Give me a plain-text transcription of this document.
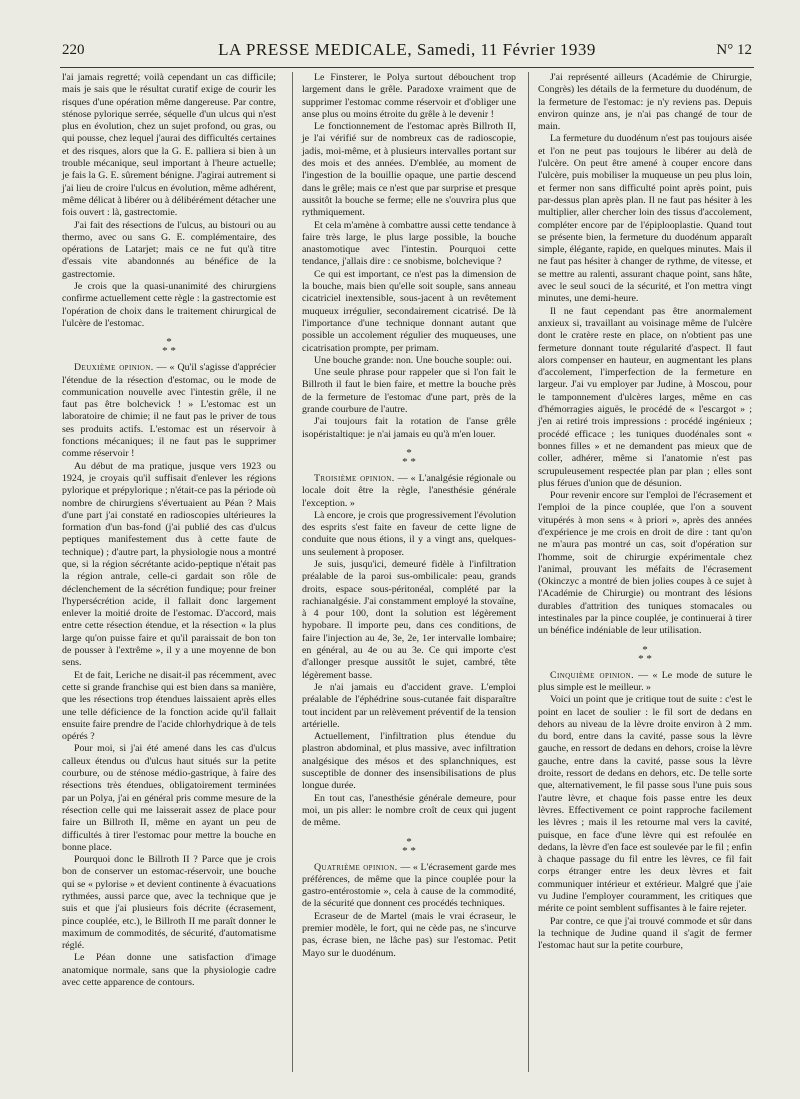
220	LA PRESSE MEDICALE, Samedi, 11 Février 1939	N° 12

l'ai jamais regretté; voilà cependant un cas difficile; mais je sais que le résultat curatif exige de courir les risques d'une opération même dangereuse. Par contre, sténose pylorique serrée, séquelle d'un ulcus qui n'est plus en évolution, chez un sujet profond, ou gras, ou qui pousse, chez lequel j'aurai des difficultés certaines et des risques, alors que la G. E. palliera si bien à un trouble mécanique, seul important à l'heure actuelle; je fais la G. E. sûrement bénigne. J'agirai autrement si j'ai lieu de croire l'ulcus en évolution, même adhérent, même délicat à libérer ou à délibérément détacher une fois ouvert : là, gastrectomie.

J'ai fait des résections de l'ulcus, au bistouri ou au thermo, avec ou sans G. E. complémentaire, des opérations de Latarjet; mais ce ne fut qu'à titre d'essais vite abandonnés au bénéfice de la gastrectomie.

Je crois que la quasi-unanimité des chirurgiens confirme actuellement cette règle : la gastrectomie est l'opération de choix dans le traitement chirurgical de l'ulcère de l'estomac.

*
* *

Deuxième opinion. — « Qu'il s'agisse d'apprécier l'étendue de la résection d'estomac, ou le mode de communication nouvelle avec l'intestin grêle, il ne faut pas être bolchevick ! » L'estomac est un laboratoire de chimie; il ne faut pas le priver de tous ses produits actifs. L'estomac est un réservoir à fonctions mécaniques; il ne faut pas le supprimer comme réservoir !

Au début de ma pratique, jusque vers 1923 ou 1924, je croyais qu'il suffisait d'enlever les régions pylorique et prépylorique ; n'était-ce pas la période où nombre de chirurgiens s'évertuaient au Péan ? Mais d'une part j'ai constaté en radioscopies ultérieures la formation d'un bas-fond (j'ai publié des cas d'ulcus peptiques manifestement dus à cette faute de technique) ; d'autre part, la physiologie nous a montré que, si la région sécrétante acido-peptique n'était pas la région antrale, celle-ci gardait son rôle de déclenchement de la sécrétion fundique; pour freiner l'hypersécrétion acide, il fallait donc largement enlever la moitié droite de l'estomac. D'accord, mais entre cette résection étendue, et la résection « la plus large qu'on puisse faire et qu'il paraissait de bon ton de pousser à l'extrême », il y a une moyenne de bon sens.

Et de fait, Leriche ne disait-il pas récemment, avec cette si grande franchise qui est bien dans sa manière, que les résections trop étendues laissaient après elles une telle déficience de la fonction acide qu'il fallait ensuite faire prendre de l'acide chlorhydrique à de tels opérés ?

Pour moi, si j'ai été amené dans les cas d'ulcus calleux étendus ou d'ulcus haut situés sur la petite courbure, ou de sténose médio-gastrique, à faire des résections très étendues, obligatoirement terminées par un Polya, j'ai en général pris comme mesure de la résection celle qui me laisserait assez de place pour faire un Billroth II, même en ayant un peu de difficultés à tirer l'estomac pour mettre la bouche en bonne place.

Pourquoi donc le Billroth II ? Parce que je crois bon de conserver un estomac-réservoir, une bouche qui se « pylorise » et devient continente à évacuations rythmées, aussi parce que, avec la technique que je suis et que j'ai plusieurs fois décrite (écrasement, pince couplée, etc.), le Billroth II me paraît donner le maximum de commodités, de sécurité, d'automatisme réglé.

Le Péan donne une satisfaction d'image anatomique normale, sans que la physiologie cadre avec cette apparence de contours.

Le Finsterer, le Polya surtout débouchent trop largement dans le grêle. Paradoxe vraiment que de supprimer l'estomac comme réservoir et d'obliger une anse plus ou moins étroite du grêle à le devenir !

Le fonctionnement de l'estomac après Billroth II, je l'ai vérifié sur de nombreux cas de radioscopie, jadis, moi-même, et à plusieurs intervalles portant sur des mois et des années. D'emblée, au moment de l'ingestion de la bouillie opaque, une partie descend dans le grêle; mais ce n'est que par surprise et presque aussitôt la bouche se ferme; elle ne s'ouvrira plus que rythmiquement.

Et cela m'amène à combattre aussi cette tendance à faire très large, le plus large possible, la bouche anastomotique avec l'intestin. Pourquoi cette tendance, j'allais dire : ce snobisme, bolchevique ?

Ce qui est important, ce n'est pas la dimension de la bouche, mais bien qu'elle soit souple, sans anneau cicatriciel inextensible, sous-jacent à un revêtement muqueux irrégulier, secondairement cicatrisé. De là l'importance d'une technique donnant autant que possible un accolement régulier des muqueuses, une cicatrisation prompte, per primam.

Une bouche grande: non. Une bouche souple: oui.

Une seule phrase pour rappeler que si l'on fait le Billroth il faut le bien faire, et mettre la bouche près de la fermeture de l'estomac d'une part, près de la grande courbure de l'autre.

J'ai toujours fait la rotation de l'anse grêle isopéristaltique: je n'ai jamais eu qu'à m'en louer.

*
* *

Troisième opinion. — « L'analgésie régionale ou locale doit être la règle, l'anesthésie générale l'exception. »

Là encore, je crois que progressivement l'évolution des esprits s'est faite en faveur de cette ligne de conduite que nous étions, il y a vingt ans, quelques-uns seulement à proposer.

Je suis, jusqu'ici, demeuré fidèle à l'infiltration préalable de la paroi sus-ombilicale: peau, grands droits, espace sous-péritonéal, complété par la rachianalgésie. J'ai constamment employé la stovaïne, à 4 pour 100, dont la solution est légèrement hypobare. Il importe peu, dans ces conditions, de faire l'injection au 4e, 3e, 2e, 1er intervalle lombaire; en général, au 4e ou au 3e. Ce qui importe c'est d'allonger presque aussitôt le sujet, cambré, tête légèrement basse.

Je n'ai jamais eu d'accident grave. L'emploi préalable de l'éphédrine sous-cutanée fait disparaître tout incident par un relèvement préventif de la tension artérielle.

Actuellement, l'infiltration plus étendue du plastron abdominal, et plus massive, avec infiltration analgésique des mésos et des splanchniques, est susceptible de donner des insensibilisations de plus longue durée.

En tout cas, l'anesthésie générale demeure, pour moi, un pis aller: le nombre croît de ceux qui jugent de même.

*
* *

Quatrième opinion. — « L'écrasement garde mes préférences, de même que la pince couplée pour la gastro-entérostomie », cela à cause de la commodité, de la sécurité que donnent ces procédés techniques.

Ecraseur de de Martel (mais le vrai écraseur, le premier modèle, le fort, qui ne cède pas, ne s'incurve pas, écrase bien, ne lâche pas) sur l'estomac. Petit Mayo sur le duodénum.

J'ai représenté ailleurs (Académie de Chirurgie, Congrès) les détails de la fermeture du duodénum, de la fermeture de l'estomac: je n'y reviens pas. Depuis environ quinze ans, je n'ai pas changé de tour de main.

La fermeture du duodénum n'est pas toujours aisée et l'on ne peut pas toujours le libérer au delà de l'ulcère. On peut être amené à couper encore dans l'ulcère, puis mobiliser la muqueuse un peu plus loin, et fermer non sans difficulté point après point, puis par-dessus plan après plan. Il ne faut pas hésiter à les multiplier, aller chercher loin des tissus d'accolement, compléter encore par de l'épiplooplastie. Quand tout se présente bien, la fermeture du duodénum apparaît simple, élégante, rapide, en quelques minutes. Mais il ne faut pas hésiter à changer de rythme, de vitesse, et se mettre au ralenti, assurant chaque point, sans hâte, avec le seul souci de la sécurité, et l'on mettra vingt minutes, une demi-heure.

Il ne faut cependant pas être anormalement anxieux si, travaillant au voisinage même de l'ulcère dont le cratère reste en place, on n'obtient pas une fermeture donnant toute régularité d'aspect. Il faut alors compenser en hauteur, en augmentant les plans d'accolement, l'imperfection de la fermeture en largeur. J'ai vu employer par Judine, à Moscou, pour le tamponnement d'ulcères larges, même en cas d'hémorragies aiguës, le procédé de « l'escargot » ; j'en ai retiré trois impressions : procédé ingénieux ; procédé efficace ; les tuniques duodénales sont « bonnes filles » et ne demandent pas mieux que de coller, adhérer, même si l'anatomie n'est pas scrupuleusement respectée plan par plan ; elles sont plus férues d'union que de désunion.

Pour revenir encore sur l'emploi de l'écrasement et l'emploi de la pince couplée, que l'on a souvent vitupérés à mon sens « à priori », après des années d'expérience je me crois en droit de dire : tant qu'on ne m'aura pas montré un cas, soit d'opération sur l'homme, soit de chirurgie expérimentale chez l'animal, prouvant les méfaits de l'écrasement (Okinczyc a montré de bien jolies coupes à ce sujet à l'Académie de Chirurgie) ou montrant des lésions durables d'attrition des tuniques stomacales ou intestinales par la pince couplée, je continuerai à tirer un bénéfice indéniable de leur utilisation.

*
* *

Cinquième opinion. — « Le mode de suture le plus simple est le meilleur. »

Voici un point que je critique tout de suite : c'est le point en lacet de soulier : le fil sort de dedans en dehors au niveau de la lèvre droite environ à 2 mm. du bord, entre dans la cavité, passe sous la lèvre gauche, en ressort de dedans en dehors, croise la lèvre gauche, entre dans la cavité, passe sous la lèvre droite, ressort de dedans en dehors, etc. De telle sorte que, alternativement, le fil passe sous l'une puis sous l'autre lèvre, et chaque fois passe entre les deux lèvres. Effectivement ce point rapproche facilement les lèvres ; mais il les retourne mal vers la cavité, puisque, en face d'une lèvre qui est refoulée en dedans, la lèvre d'en face est soulevée par le fil ; enfin à chaque passage du fil entre les lèvres, ce fil fait corps étranger entre les deux lèvres et fait communiquer intérieur et extérieur. Malgré que j'aie vu Judine l'employer couramment, les critiques que mérite ce point semblent suffisantes à le faire rejeter.

Par contre, ce que j'ai trouvé commode et sûr dans la technique de Judine quand il s'agit de fermer l'estomac haut sur la petite courbure,
